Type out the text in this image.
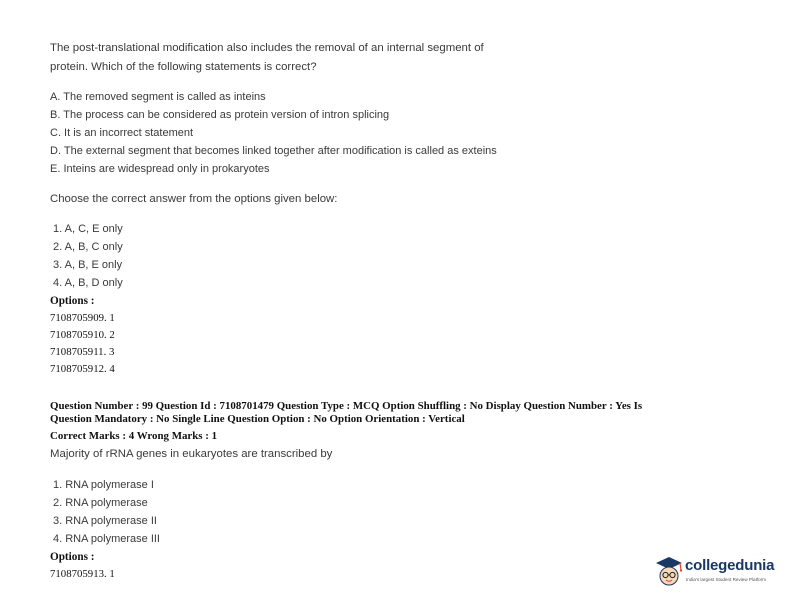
The post-translational modification also includes the removal of an internal segment of
protein. Which of the following statements is correct?
A. The removed segment is called as inteins
B. The process can be considered as protein version of intron splicing
C. It is an incorrect statement
D. The external segment that becomes linked together after modification is called as exteins
E. Inteins are widespread only in prokaryotes
Choose the correct answer from the options given below:
1. A, C, E only
2. A, B, C only
3. A, B, E only
4. A, B, D only
Options :
7108705909. 1
7108705910. 2
7108705911. 3
7108705912. 4
Question Number : 99 Question Id : 7108701479 Question Type : MCQ Option Shuffling : No Display Question Number : Yes Is
Question Mandatory : No Single Line Question Option : No Option Orientation : Vertical
Correct Marks : 4 Wrong Marks : 1
Majority of rRNA genes in eukaryotes are transcribed by
1. RNA polymerase I
2. RNA polymerase
3. RNA polymerase II
4. RNA polymerase III
Options :
7108705913. 1	collegedunia
India's largest Student Review Platform
